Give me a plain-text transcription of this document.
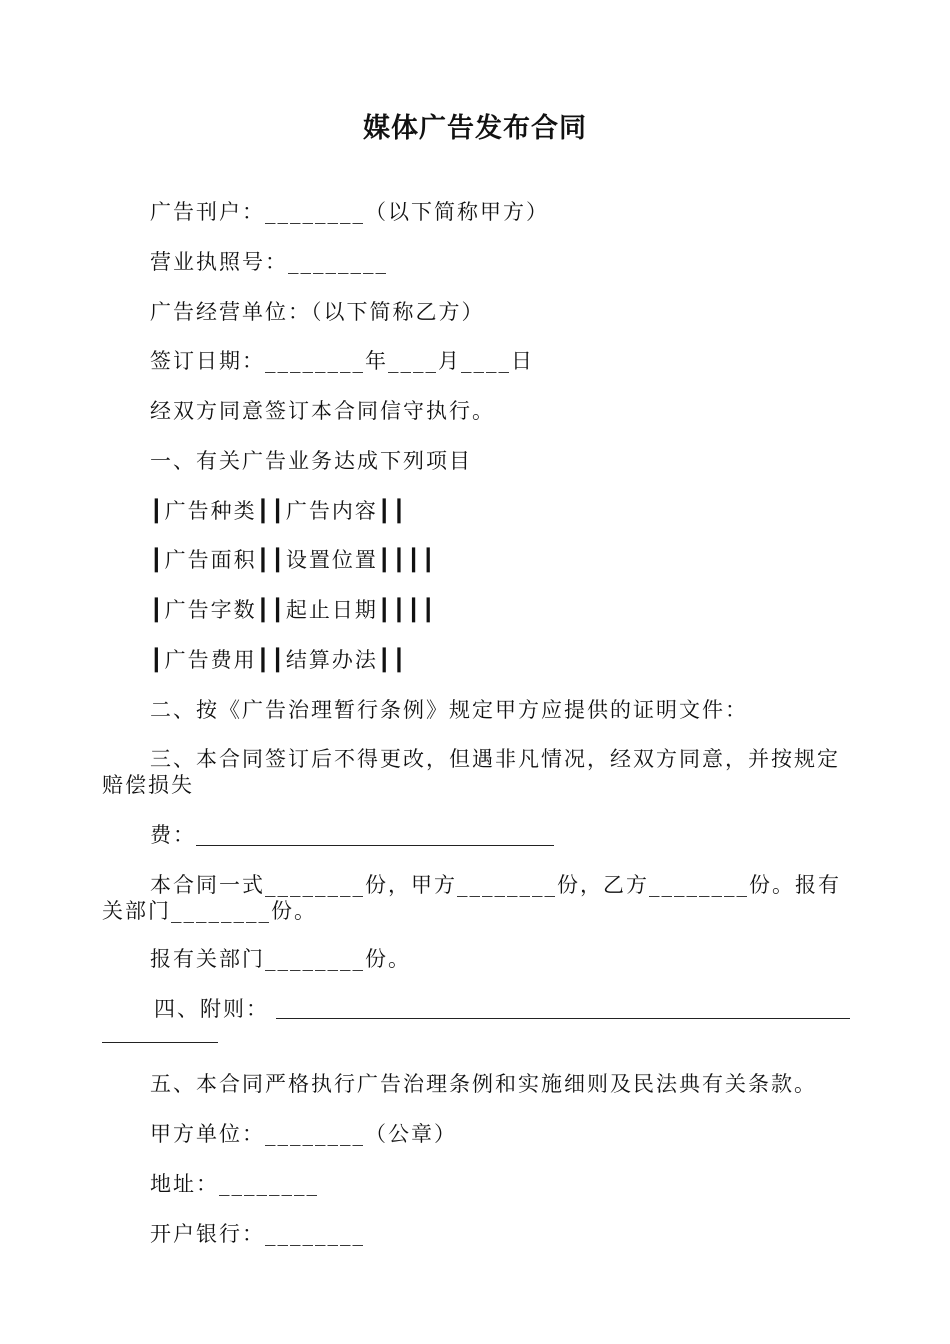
媒体广告发布合同

广告刊户：________（以下简称甲方）

营业执照号：________

广告经营单位：（以下简称乙方）

签订日期：________年____月____日

经双方同意签订本合同信守执行。

一、有关广告业务达成下列项目

┃广告种类┃┃广告内容┃┃

┃广告面积┃┃设置位置┃┃┃┃

┃广告字数┃┃起止日期┃┃┃┃

┃广告费用┃┃结算办法┃┃

二、按《广告治理暂行条例》规定甲方应提供的证明文件：

三、本合同签订后不得更改，但遇非凡情况，经双方同意，并按规定赔偿损失

费：

本合同一式________份，甲方________份，乙方________份。报有关部门________份。

报有关部门________份。

四、附则：

五、本合同严格执行广告治理条例和实施细则及民法典有关条款。

甲方单位：________（公章）

地址：________

开户银行：________
